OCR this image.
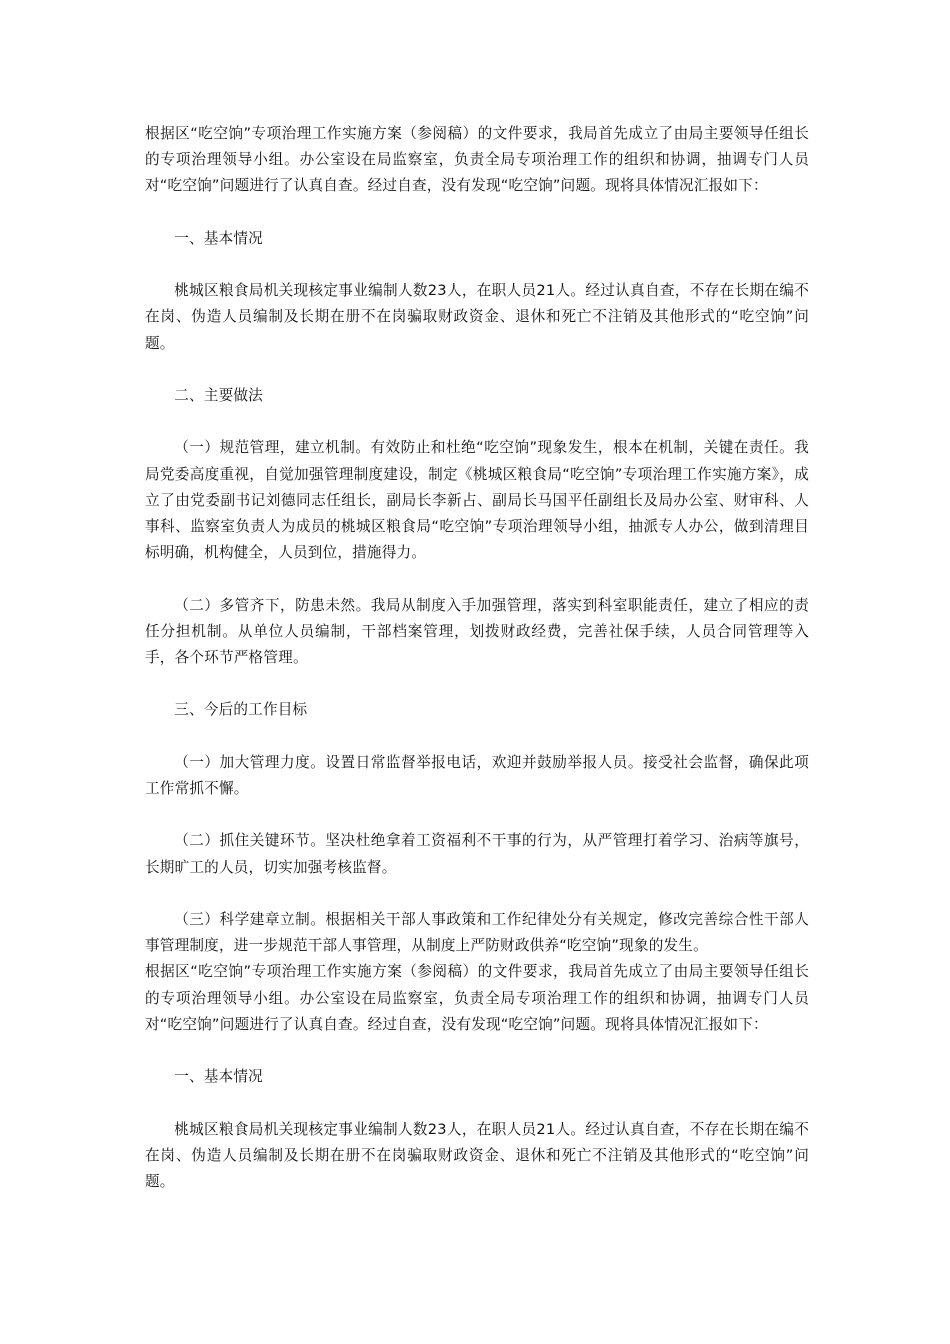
根据区“吃空饷”专项治理工作实施方案（参阅稿）的文件要求，我局首先成立了由局主要领导任组长的专项治理领导小组。办公室设在局监察室，负责全局专项治理工作的组织和协调，抽调专门人员对“吃空饷”问题进行了认真自查。经过自查，没有发现“吃空饷”问题。现将具体情况汇报如下：

一、基本情况

桃城区粮食局机关现核定事业编制人数23人，在职人员21人。经过认真自查，不存在长期在编不在岗、伪造人员编制及长期在册不在岗骗取财政资金、退休和死亡不注销及其他形式的“吃空饷”问题。

二、主要做法

（一）规范管理，建立机制。有效防止和杜绝“吃空饷”现象发生，根本在机制，关键在责任。我局党委高度重视，自觉加强管理制度建设，制定《桃城区粮食局“吃空饷”专项治理工作实施方案》，成立了由党委副书记刘德同志任组长，副局长李新占、副局长马国平任副组长及局办公室、财审科、人事科、监察室负责人为成员的桃城区粮食局“吃空饷”专项治理领导小组，抽派专人办公，做到清理目标明确，机构健全，人员到位，措施得力。

（二）多管齐下，防患未然。我局从制度入手加强管理，落实到科室职能责任，建立了相应的责任分担机制。从单位人员编制，干部档案管理，划拨财政经费，完善社保手续，人员合同管理等入手，各个环节严格管理。

三、今后的工作目标

（一）加大管理力度。设置日常监督举报电话，欢迎并鼓励举报人员。接受社会监督，确保此项工作常抓不懈。

（二）抓住关键环节。坚决杜绝拿着工资福利不干事的行为，从严管理打着学习、治病等旗号，长期旷工的人员，切实加强考核监督。

（三）科学建章立制。根据相关干部人事政策和工作纪律处分有关规定，修改完善综合性干部人事管理制度，进一步规范干部人事管理，从制度上严防财政供养“吃空饷”现象的发生。

根据区“吃空饷”专项治理工作实施方案（参阅稿）的文件要求，我局首先成立了由局主要领导任组长的专项治理领导小组。办公室设在局监察室，负责全局专项治理工作的组织和协调，抽调专门人员对“吃空饷”问题进行了认真自查。经过自查，没有发现“吃空饷”问题。现将具体情况汇报如下：

一、基本情况

桃城区粮食局机关现核定事业编制人数23人，在职人员21人。经过认真自查，不存在长期在编不在岗、伪造人员编制及长期在册不在岗骗取财政资金、退休和死亡不注销及其他形式的“吃空饷”问题。
